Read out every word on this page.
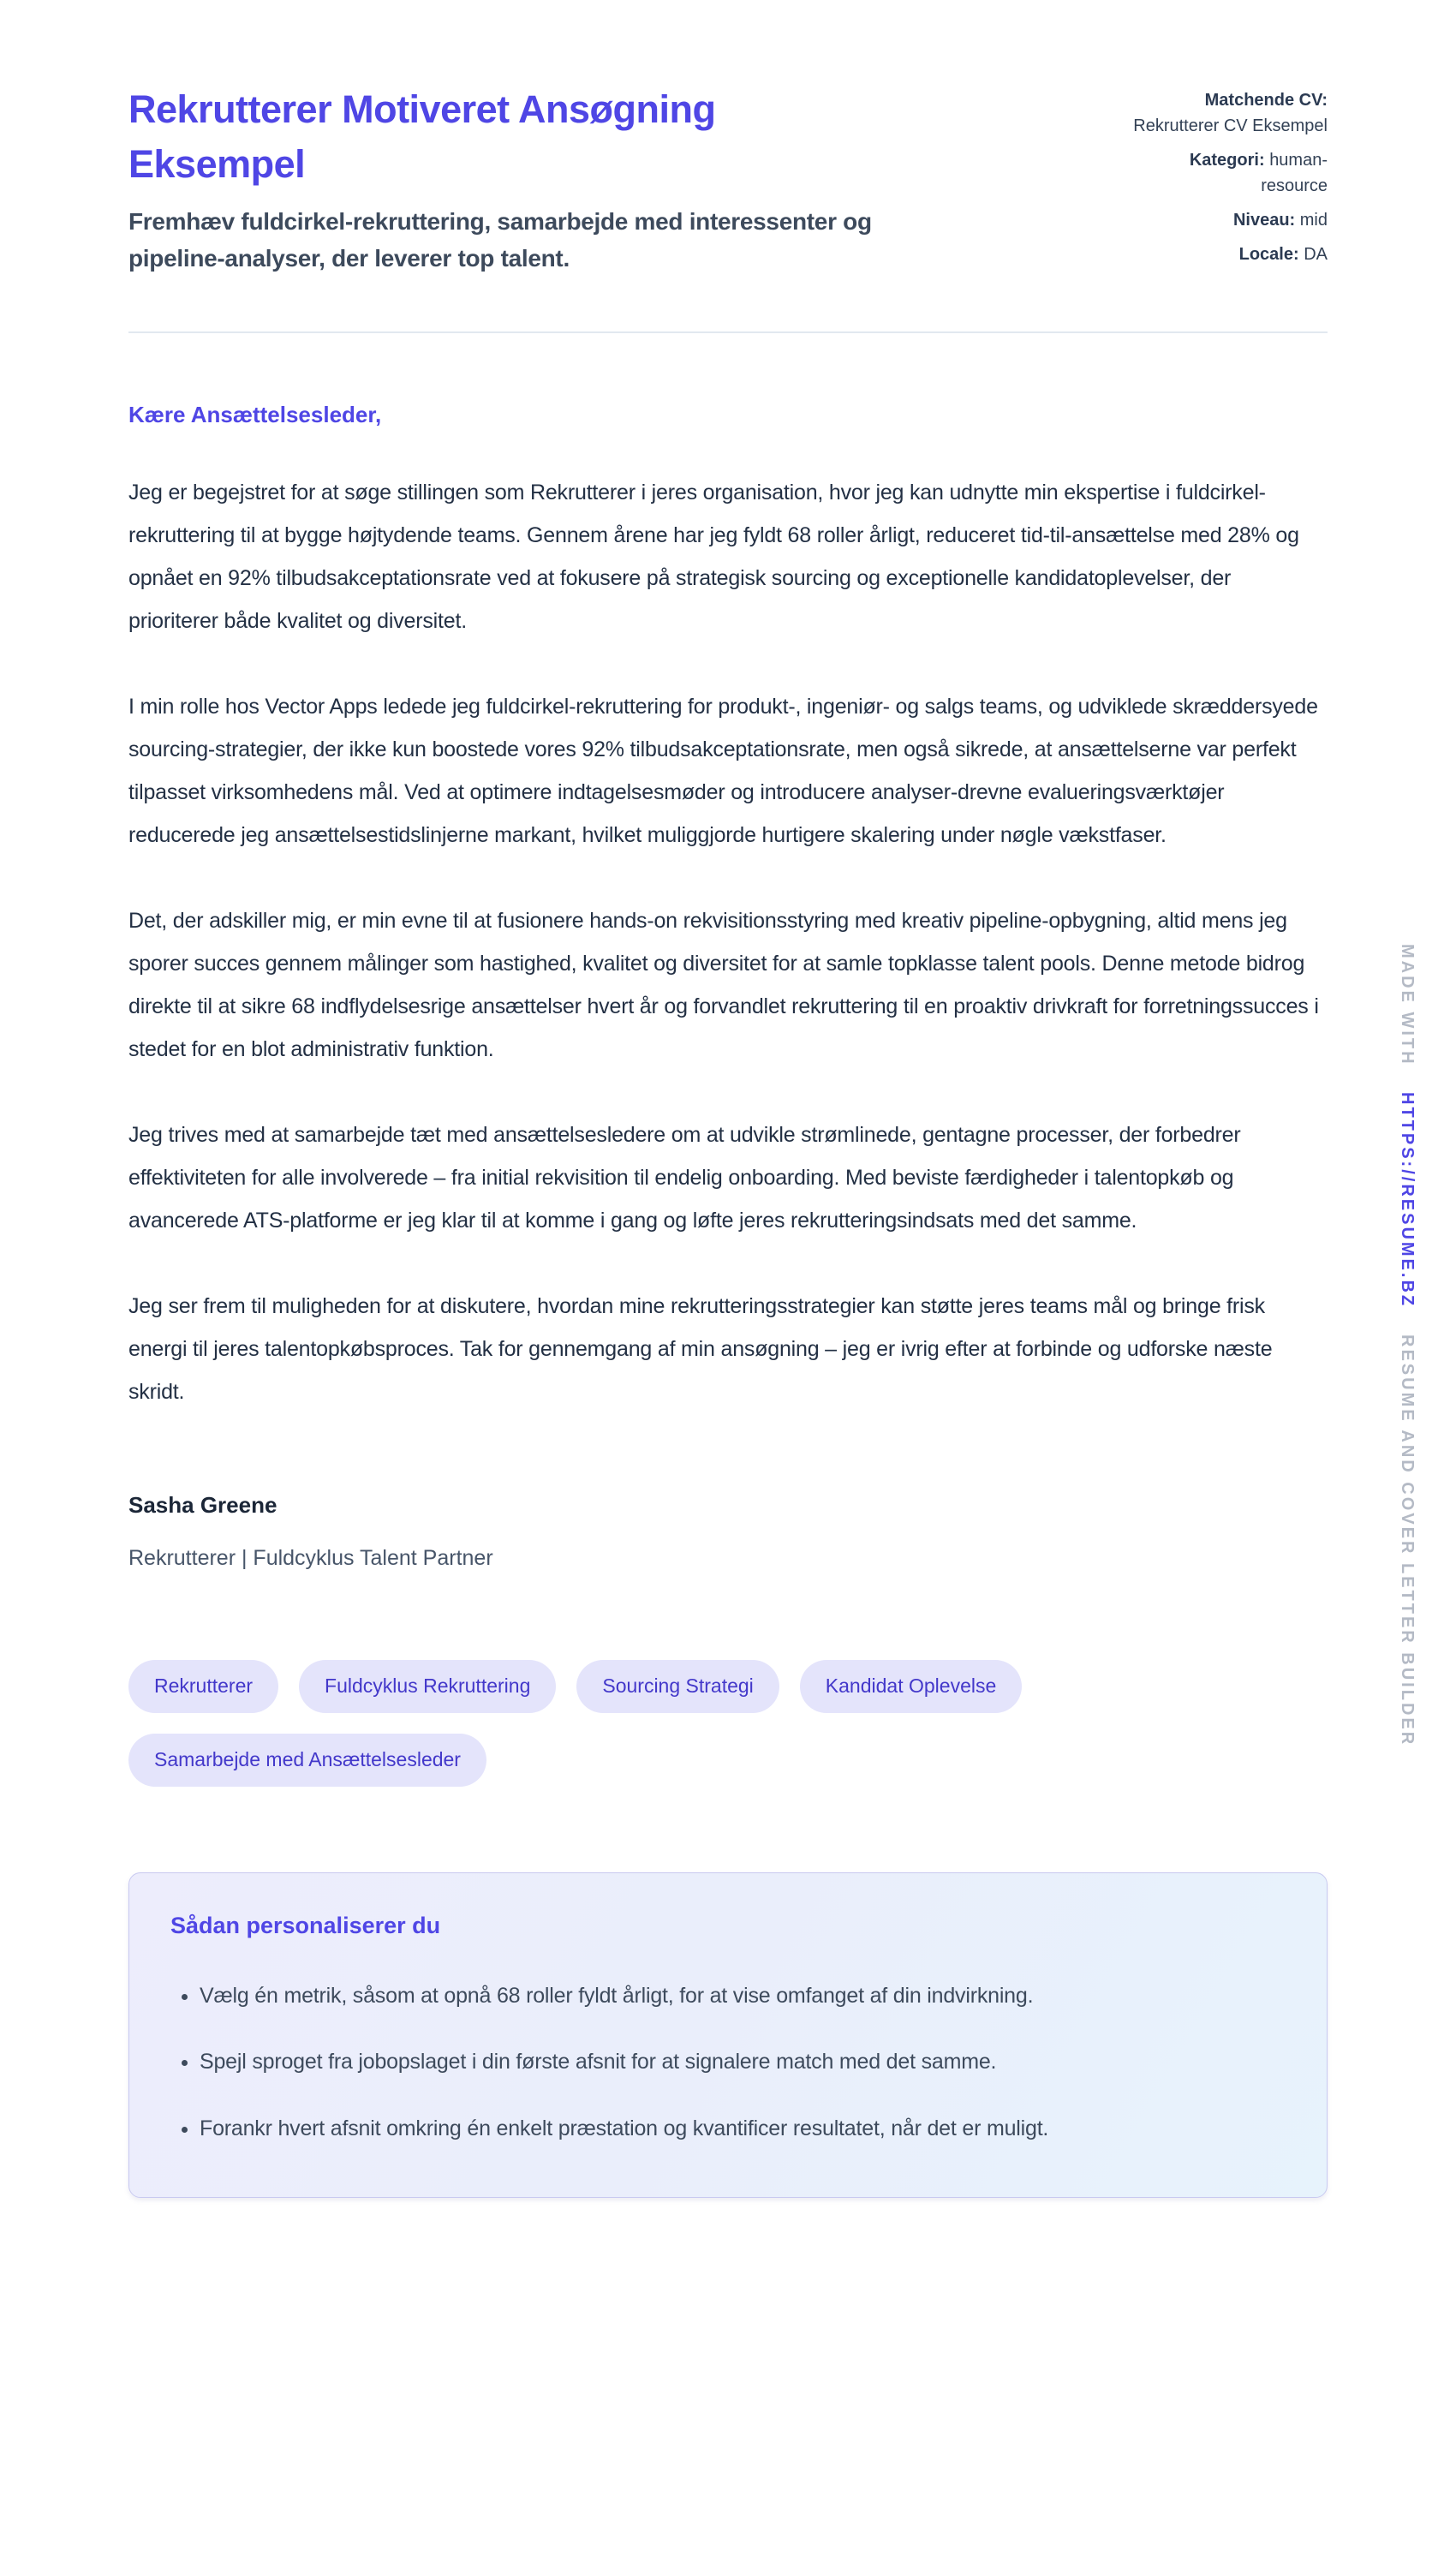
Rekrutterer Motiveret Ansøgning Eksempel

Fremhæv fuldcirkel-rekruttering, samarbejde med interessenter og pipeline-analyser, der leverer top talent.

Matchende CV: Rekrutterer CV Eksempel
Kategori: human-resource
Niveau: mid
Locale: DA

Kære Ansættelsesleder,

Jeg er begejstret for at søge stillingen som Rekrutterer i jeres organisation, hvor jeg kan udnytte min ekspertise i fuldcirkel-rekruttering til at bygge højtydende teams. Gennem årene har jeg fyldt 68 roller årligt, reduceret tid-til-ansættelse med 28% og opnået en 92% tilbudsakceptationsrate ved at fokusere på strategisk sourcing og exceptionelle kandidatoplevelser, der prioriterer både kvalitet og diversitet.

I min rolle hos Vector Apps ledede jeg fuldcirkel-rekruttering for produkt-, ingeniør- og salgs teams, og udviklede skræddersyede sourcing-strategier, der ikke kun boostede vores 92% tilbudsakceptationsrate, men også sikrede, at ansættelserne var perfekt tilpasset virksomhedens mål. Ved at optimere indtagelsesmøder og introducere analyser-drevne evalueringsværktøjer reducerede jeg ansættelsestidslinjerne markant, hvilket muliggjorde hurtigere skalering under nøgle vækstfaser.

Det, der adskiller mig, er min evne til at fusionere hands-on rekvisitionsstyring med kreativ pipeline-opbygning, altid mens jeg sporer succes gennem målinger som hastighed, kvalitet og diversitet for at samle topklasse talent pools. Denne metode bidrog direkte til at sikre 68 indflydelsesrige ansættelser hvert år og forvandlet rekruttering til en proaktiv drivkraft for forretningssucces i stedet for en blot administrativ funktion.

Jeg trives med at samarbejde tæt med ansættelsesledere om at udvikle strømlinede, gentagne processer, der forbedrer effektiviteten for alle involverede – fra initial rekvisition til endelig onboarding. Med beviste færdigheder i talentopkøb og avancerede ATS-platforme er jeg klar til at komme i gang og løfte jeres rekrutteringsindsats med det samme.

Jeg ser frem til muligheden for at diskutere, hvordan mine rekrutteringsstrategier kan støtte jeres teams mål og bringe frisk energi til jeres talentopkøbsproces. Tak for gennemgang af min ansøgning – jeg er ivrig efter at forbinde og udforske næste skridt.

Sasha Greene

Rekrutterer | Fuldcyklus Talent Partner

Rekrutterer	Fuldcyklus Rekruttering	Sourcing Strategi	Kandidat Oplevelse
Samarbejde med Ansættelsesleder
Sådan personaliserer du
• Vælg én metrik, såsom at opnå 68 roller fyldt årligt, for at vise omfanget af din indvirkning.
• Spejl sproget fra jobopslaget i din første afsnit for at signalere match med det samme.
• Forankr hvert afsnit omkring én enkelt præstation og kvantificer resultatet, når det er muligt.
MADE WITH HTTPS://RESUME.BZ RESUME AND COVER LETTER BUILDER
